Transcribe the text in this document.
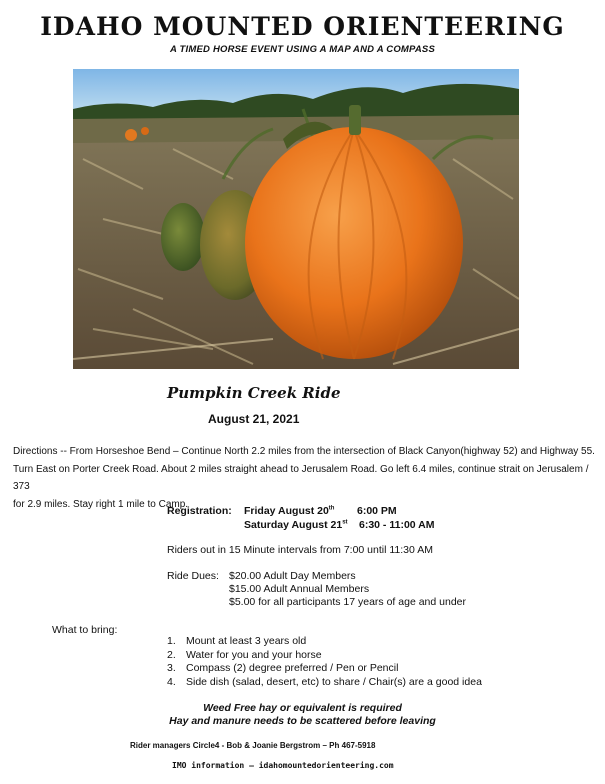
IDAHO MOUNTED ORIENTEERING
A TIMED HORSE EVENT USING A MAP AND A COMPASS
Pumpkin Creek Ride
August 21, 2021
Directions -- From Horseshoe Bend – Continue North 2.2 miles from the intersection of Black Canyon(highway 52) and Highway 55.
Turn East on Porter Creek Road. About 2 miles straight ahead to Jerusalem Road. Go left 6.4 miles, continue strait on Jerusalem / 373
for 2.9 miles. Stay right 1 mile to Camp.
Registration: Friday August 20th 6:00 PM
Saturday August 21st 6:30 - 11:00 AM
Riders out in 15 Minute intervals from 7:00 until 11:30 AM
Ride Dues: $20.00 Adult Day Members
$15.00 Adult Annual Members
$5.00 for all participants 17 years of age and under
What to bring:
1. Mount at least 3 years old
2. Water for you and your horse
3. Compass (2) degree preferred / Pen or Pencil
4. Side dish (salad, desert, etc) to share / Chair(s) are a good idea
Weed Free hay or equivalent is required
Hay and manure needs to be scattered before leaving
Rider managers Circle4 - Bob & Joanie Bergstrom – Ph 467-5918
IMO information – idahomountedorienteering.com
